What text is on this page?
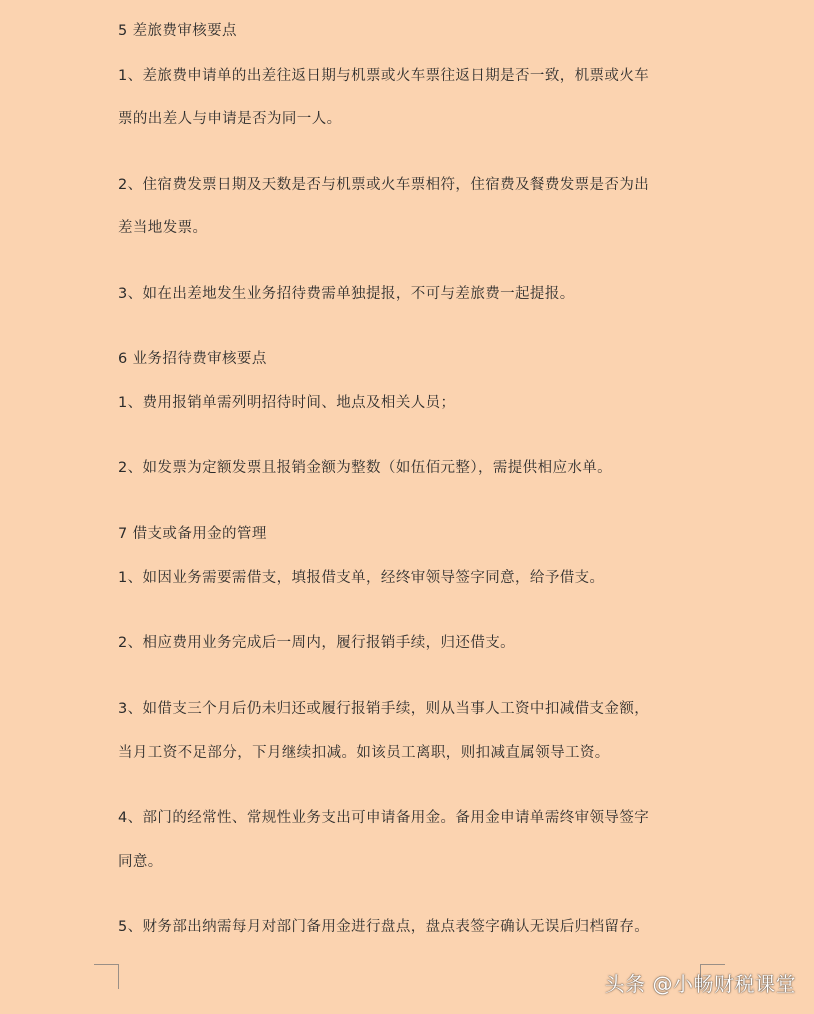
5 差旅费审核要点
1、差旅费申请单的出差往返日期与机票或火车票往返日期是否一致，机票或火车
票的出差人与申请是否为同一人。
2、住宿费发票日期及天数是否与机票或火车票相符，住宿费及餐费发票是否为出
差当地发票。
3、如在出差地发生业务招待费需单独提报，不可与差旅费一起提报。
6 业务招待费审核要点
1、费用报销单需列明招待时间、地点及相关人员；
2、如发票为定额发票且报销金额为整数（如伍佰元整），需提供相应水单。
7 借支或备用金的管理
1、如因业务需要需借支，填报借支单，经终审领导签字同意，给予借支。
2、相应费用业务完成后一周内，履行报销手续，归还借支。
3、如借支三个月后仍未归还或履行报销手续，则从当事人工资中扣减借支金额，
当月工资不足部分，下月继续扣减。如该员工离职，则扣减直属领导工资。
4、部门的经常性、常规性业务支出可申请备用金。备用金申请单需终审领导签字
同意。
5、财务部出纳需每月对部门备用金进行盘点，盘点表签字确认无误后归档留存。
头条 @小畅财税课堂
